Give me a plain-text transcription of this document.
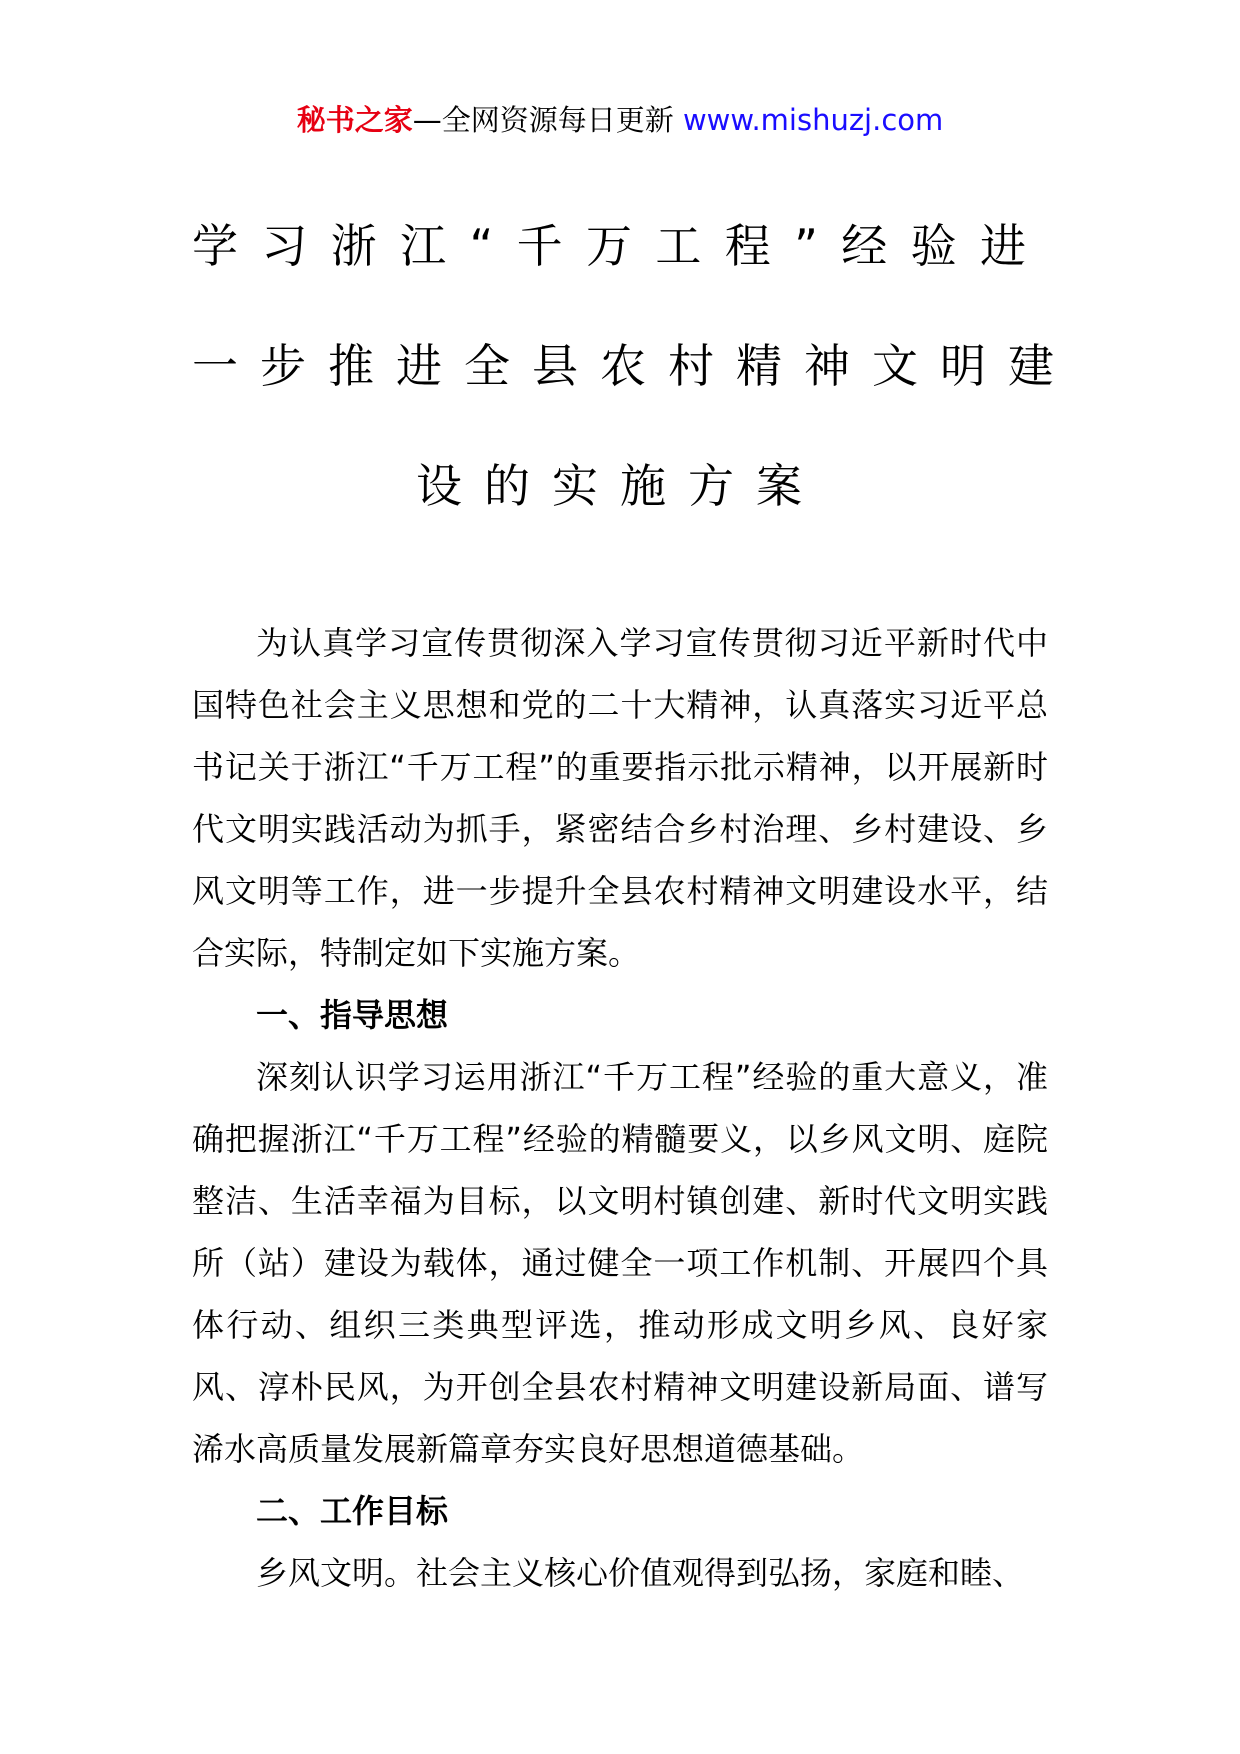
秘书之家—全网资源每日更新 www.mishuzj.com
学习浙江“千万工程”经验进
一步推进全县农村精神文明建
设的实施方案

为认真学习宣传贯彻深入学习宣传贯彻习近平新时代中国特色社会主义思想和党的二十大精神，认真落实习近平总书记关于浙江“千万工程”的重要指示批示精神，以开展新时代文明实践活动为抓手，紧密结合乡村治理、乡村建设、乡风文明等工作，进一步提升全县农村精神文明建设水平，结合实际，特制定如下实施方案。

一、指导思想

深刻认识学习运用浙江“千万工程”经验的重大意义，准确把握浙江“千万工程”经验的精髓要义，以乡风文明、庭院整洁、生活幸福为目标，以文明村镇创建、新时代文明实践所（站）建设为载体，通过健全一项工作机制、开展四个具体行动、组织三类典型评选，推动形成文明乡风、良好家风、淳朴民风，为开创全县农村精神文明建设新局面、谱写浠水高质量发展新篇章夯实良好思想道德基础。

二、工作目标

乡风文明。社会主义核心价值观得到弘扬，家庭和睦、
